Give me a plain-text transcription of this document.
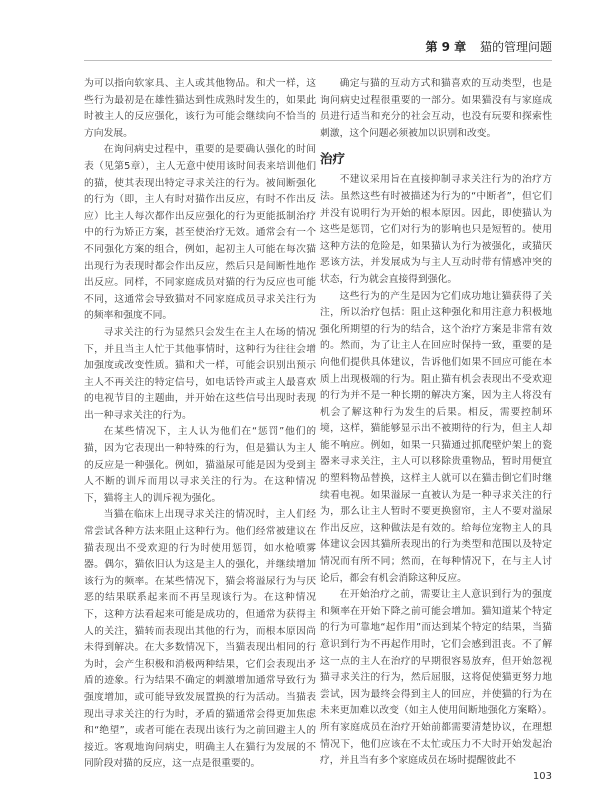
第 9 章 猫的管理问题

为可以指向软家具、主人或其他物品。和犬一样，这些行为最初是在雄性猫达到性成熟时发生的，如果此时被主人的反应强化，该行为可能会继续向不恰当的方向发展。

在询问病史过程中，重要的是要确认强化的时间表（见第5章），主人无意中使用该时间表来培训他们的猫，使其表现出特定寻求关注的行为。被间断强化的行为（即，主人有时对猫作出反应，有时不作出反应）比主人每次都作出反应强化的行为更能抵制治疗中的行为矫正方案，甚至使治疗无效。通常会有一个不同强化方案的组合，例如，起初主人可能在每次猫出现行为表现时都会作出反应，然后只是间断性地作出反应。同样，不同家庭成员对猫的行为反应也可能不同，这通常会导致猫对不同家庭成员寻求关注行为的频率和强度不同。

寻求关注的行为显然只会发生在主人在场的情况下，并且当主人忙于其他事情时，这种行为往往会增加强度或改变性质。猫和犬一样，可能会识别出预示主人不再关注的特定信号，如电话铃声或主人最喜欢的电视节目的主题曲，并开始在这些信号出现时表现出一种寻求关注的行为。

在某些情况下，主人认为他们在“惩罚”他们的猫，因为它表现出一种特殊的行为，但是猫认为主人的反应是一种强化。例如，猫溢尿可能是因为受到主人不断的训斥而用以寻求关注的行为。在这种情况下，猫将主人的训斥视为强化。

当猫在临床上出现寻求关注的情况时，主人们经常尝试各种方法来阻止这种行为。他们经常被建议在猫表现出不受欢迎的行为时使用惩罚，如水枪喷雾器。偶尔，猫依旧认为这是主人的强化，并继续增加该行为的频率。在某些情况下，猫会将溢尿行为与厌恶的结果联系起来而不再呈现该行为。在这种情况下，这种方法看起来可能是成功的，但通常为获得主人的关注，猫转而表现出其他的行为，而根本原因尚未得到解决。在大多数情况下，当猫表现出相同的行为时，会产生积极和消极两种结果，它们会表现出矛盾的迹象。行为结果不确定的刺激增加通常导致行为强度增加，或可能导致发展置换的行为活动。当猫表现出寻求关注的行为时，矛盾的猫通常会得更加焦虑和“绝望”，或者可能在表现出该行为之前回避主人的接近。客观地询问病史，明确主人在猫行为发展的不同阶段对猫的反应，这一点是很重要的。

确定与猫的互动方式和猫喜欢的互动类型，也是询问病史过程很重要的一部分。如果猫没有与家庭成员进行适当和充分的社会互动，也没有玩要和探索性刺激，这个问题必须被加以识别和改变。

治疗

不建议采用旨在直接抑制寻求关注行为的治疗方法。虽然这些有时被描述为行为的“中断者”，但它们并没有说明行为开始的根本原因。因此，即使猫认为这些是惩罚，它们对行为的影响也只是短暂的。使用这种方法的危险是，如果猫认为行为被强化，或猫厌恶该方法，并发展成为与主人互动时带有情感冲突的状态，行为就会直接得到强化。

这些行为的产生是因为它们成功地让猫获得了关注，所以治疗包括：阻止这种强化和用注意力积极地强化所期望的行为的结合，这个治疗方案是非常有效的。然而，为了让主人在回应时保持一致，重要的是向他们提供具体建议，告诉他们如果不回应可能在本质上出现极端的行为。阻止猫有机会表现出不受欢迎的行为并不是一种长期的解决方案，因为主人将没有机会了解这种行为发生的后果。相反，需要控制环境，这样，猫能够显示出不被期待的行为，但主人却能不响应。例如，如果一只猫通过抓爬壁炉架上的瓷器来寻求关注，主人可以移除贵重物品，暂时用便宜的塑料物品替换，这样主人就可以在猫击倒它们时继续看电视。如果溢尿一直被认为是一种寻求关注的行为，那么让主人暂时不要更换窗帘，主人不要对溢尿作出反应，这种做法是有效的。给每位宠物主人的具体建议会因其猫所表现出的行为类型和范围以及特定情况而有所不同；然而，在每种情况下，在与主人讨论后，都会有机会消除这种反应。

在开始治疗之前，需要让主人意识到行为的强度和频率在开始下降之前可能会增加。猫知道某个特定的行为可靠地“起作用”而达到某个特定的结果，当猫意识到行为不再起作用时，它们会感到沮丧。不了解这一点的主人在治疗的早期很容易放弃，但开始忽视猫寻求关注的行为，然后屈服，这将促使猫更努力地尝试，因为最终会得到主人的回应，并使猫的行为在未来更加难以改变（如主人使用间断地强化方案略）。所有家庭成员在治疗开始前都需要清楚协议，在理想情况下，他们应该在不太忙或压力不大时开始发起治疗，并且当有多个家庭成员在场时提醒彼此不

103
